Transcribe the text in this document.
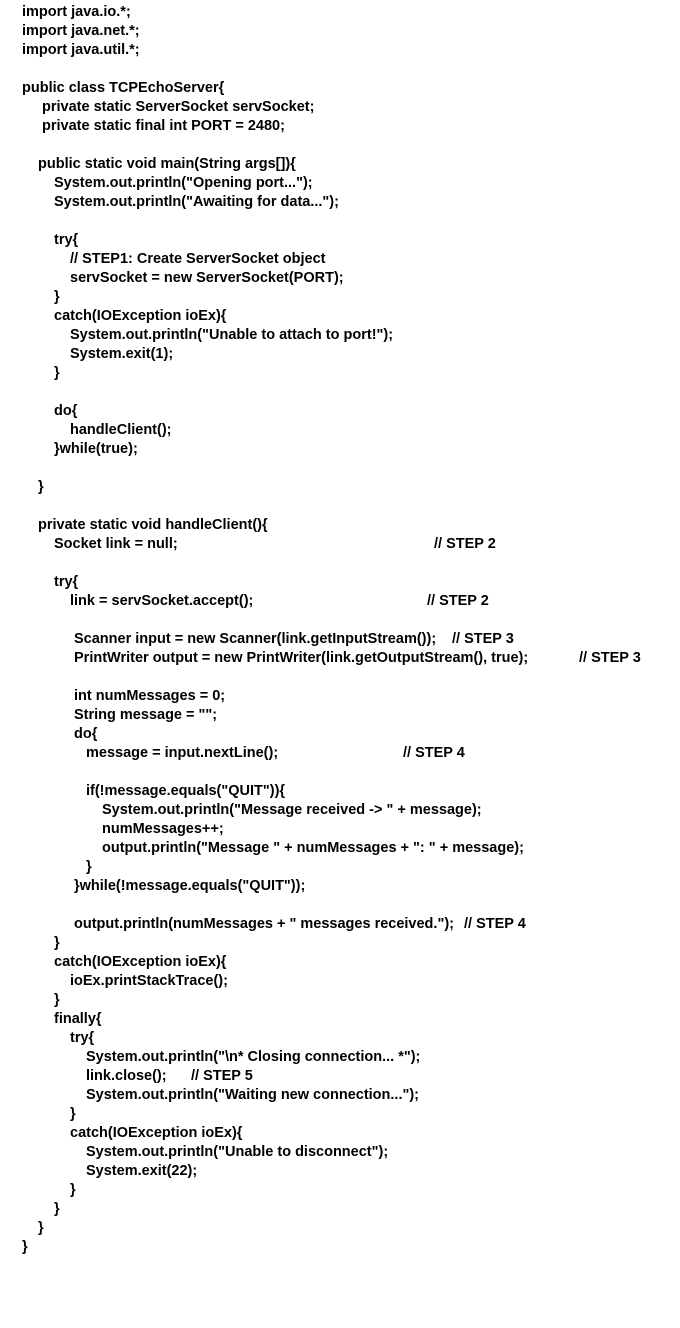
import java.io.*;
import java.net.*;
import java.util.*;
public class TCPEchoServer{
private static ServerSocket servSocket;
private static final int PORT = 2480;
public static void main(String args[]){
System.out.println("Opening port...");
System.out.println("Awaiting for data...");
try{
// STEP1: Create ServerSocket object
servSocket = new ServerSocket(PORT);
}
catch(IOException ioEx){
System.out.println("Unable to attach to port!");
System.exit(1);
}
do{
handleClient();
}while(true);
}
private static void handleClient(){
Socket link = null;	// STEP 2
try{
link = servSocket.accept();	// STEP 2
Scanner input = new Scanner(link.getInputStream()); // STEP 3
PrintWriter output = new PrintWriter(link.getOutputStream(), true);	// STEP 3
int numMessages = 0;
String message = "";
do{
message = input.nextLine();	// STEP 4
if(!message.equals("QUIT")){
System.out.println("Message received -> " + message);
numMessages++;
output.println("Message " + numMessages + ": " + message);
}
}while(!message.equals("QUIT"));
output.println(numMessages + " messages received."); // STEP 4
}
catch(IOException ioEx){
ioEx.printStackTrace();
}
finally{
try{
System.out.println("\n* Closing connection... *");
link.close(); // STEP 5
System.out.println("Waiting new connection...");
}
catch(IOException ioEx){
System.out.println("Unable to disconnect");
System.exit(22);
}
}
}
}
